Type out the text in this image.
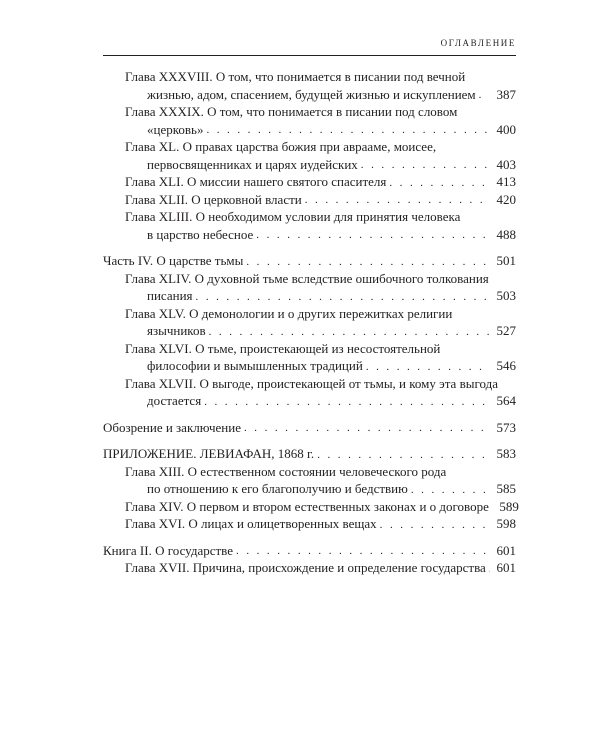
ОГЛАВЛЕНИЕ
Глава XXXVIII. О том, что понимается в писании под вечной
жизнью, адом, спасением, будущей жизнью и искуплением . . .	387
Глава XXXIX. О том, что понимается в писании под словом
«церковь» . . .	400
Глава XL. О правах царства божия при аврааме, моисее,
первосвященниках и царях иудейских . . .	403
Глава XLI. О миссии нашего святого спасителя . . .	413
Глава XLII. О церковной власти . . .	420
Глава XLIII. О необходимом условии для принятия человека
в царство небесное . . .	488
Часть IV. О царстве тьмы . . .	501
Глава XLIV. О духовной тьме вследствие ошибочного толкования
писания . . .	503
Глава XLV. О демонологии и о других пережитках религии
язычников . . .	527
Глава XLVI. О тьме, проистекающей из несостоятельной
философии и вымышленных традиций . . .	546
Глава XLVII. О выгоде, проистекающей от тьмы, и кому эта выгода
достается . . .	564
Обозрение и заключение . . .	573
ПРИЛОЖЕНИЕ. ЛЕВИАФАН, 1868 г. . . .	583
Глава XIII. О естественном состоянии человеческого рода
по отношению к его благополучию и бедствию . . .	585
Глава XIV. О первом и втором естественных законах и о договоре 589
Глава XVI. О лицах и олицетворенных вещах . . .	598
Книга II. О государстве . . .	601
Глава XVII. Причина, происхождение и определение государства . . . 601
